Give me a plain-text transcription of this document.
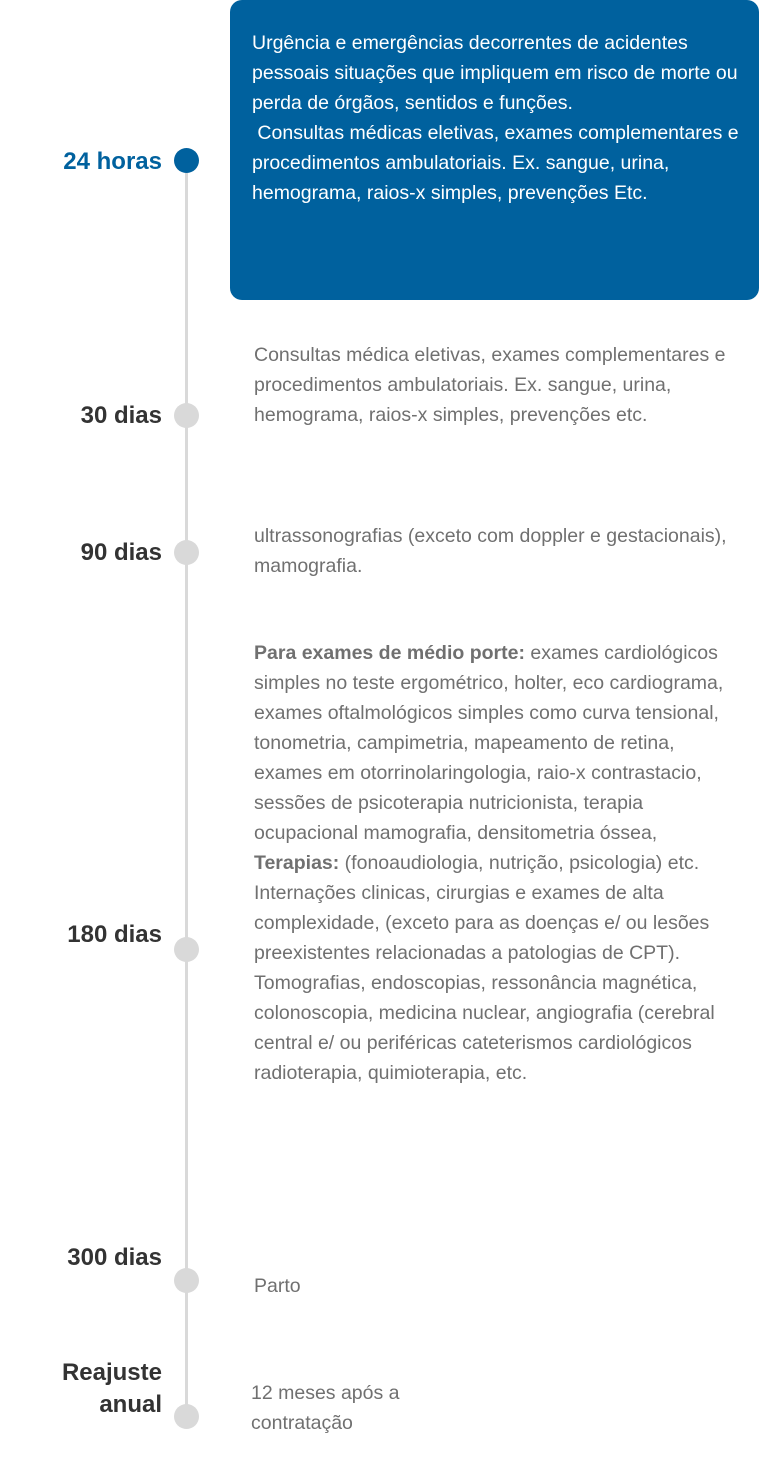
24 horas
Urgência e emergências decorrentes de acidentes pessoais situações que impliquem em risco de morte ou perda de órgãos, sentidos e funções.
Consultas médicas eletivas, exames complementares e procedimentos ambulatoriais. Ex. sangue, urina, hemograma, raios-x simples, prevenções Etc.
30 dias
Consultas médica eletivas, exames complementares e procedimentos ambulatoriais. Ex. sangue, urina, hemograma, raios-x simples, prevenções etc.
90 dias
ultrassonografias (exceto com doppler e gestacionais), mamografia.
180 dias
Para exames de médio porte: exames cardiológicos simples no teste ergométrico, holter, eco cardiograma, exames oftalmológicos simples como curva tensional, tonometria, campimetria, mapeamento de retina, exames em otorrinolaringologia, raio-x contrastacio, sessões de psicoterapia nutricionista, terapia ocupacional mamografia, densitometria óssea, Terapias: (fonoaudiologia, nutrição, psicologia) etc. Internações clinicas, cirurgias e exames de alta complexidade, (exceto para as doenças e/ ou lesões preexistentes relacionadas a patologias de CPT). Tomografias, endoscopias, ressonância magnética, colonoscopia, medicina nuclear, angiografia (cerebral central e/ ou periféricas cateterismos cardiológicos radioterapia, quimioterapia, etc.
300 dias
Parto
Reajuste
anual	12 meses após a
contratação
